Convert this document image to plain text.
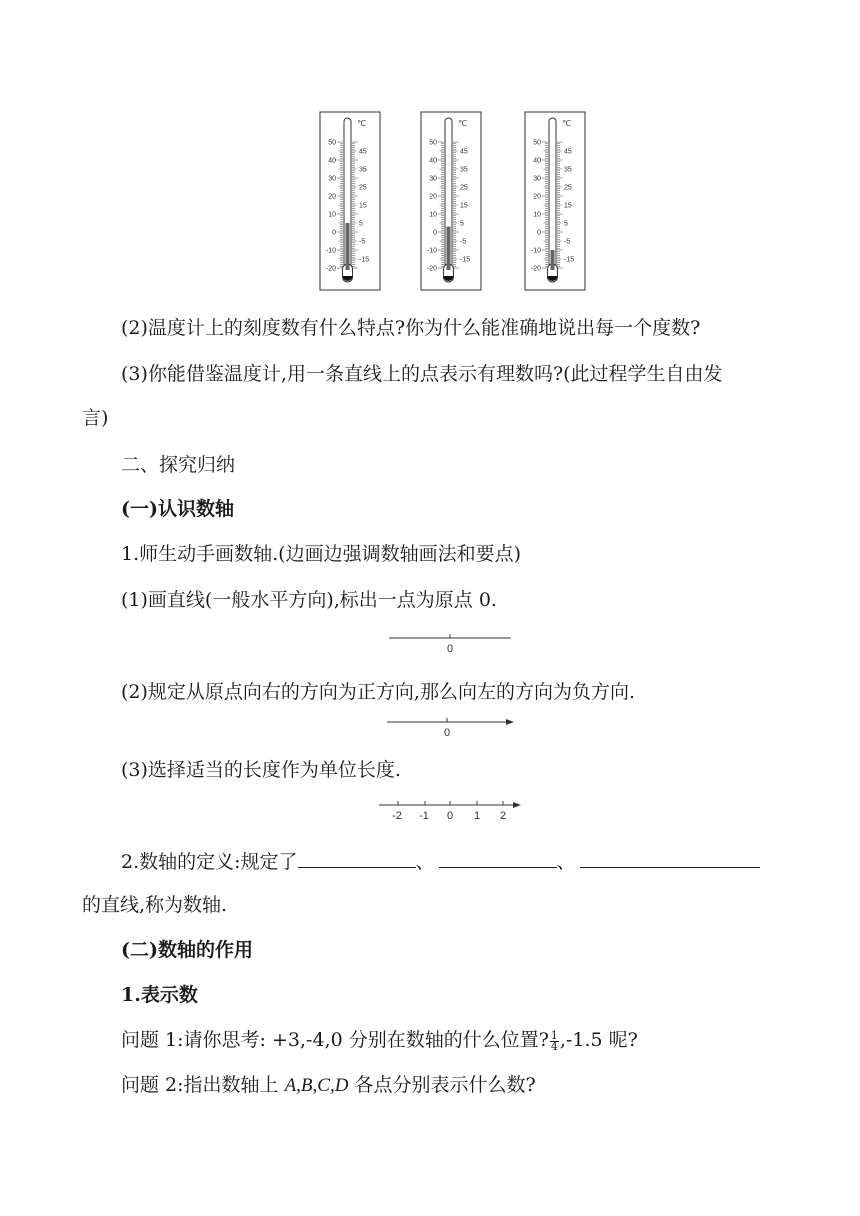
50
40
30
20
10
0
-10
-20
45
35
25
15
5
-5
-15
℃
50
40
30
20
10
0
-10
-20
45
35
25
15
5
-5
-15
℃
50
40
30
20
10
0
-10
-20
45
35
25
15
5
-5
-15
℃
(2)温度计上的刻度数有什么特点?你为什么能准确地说出每一个度数?
(3)你能借鉴温度计,用一条直线上的点表示有理数吗?(此过程学生自由发
言)
二、探究归纳
(一)认识数轴
1.师生动手画数轴.(边画边强调数轴画法和要点)
(1)画直线(一般水平方向),标出一点为原点 0.
0
(2)规定从原点向右的方向为正方向,那么向左的方向为负方向.
0
(3)选择适当的长度作为单位长度.
-2 -1 0 1 2
2.数轴的定义:规定了	、	、
的直线,称为数轴.
(二)数轴的作用
1.表示数
问题 1:请你思考: +3,-4,0 分别在数轴的什么位置? $\frac{1}{4} ,-1.5$ 呢?
问题 2:指出数轴上 A,B,C,D 各点分别表示什么数?
